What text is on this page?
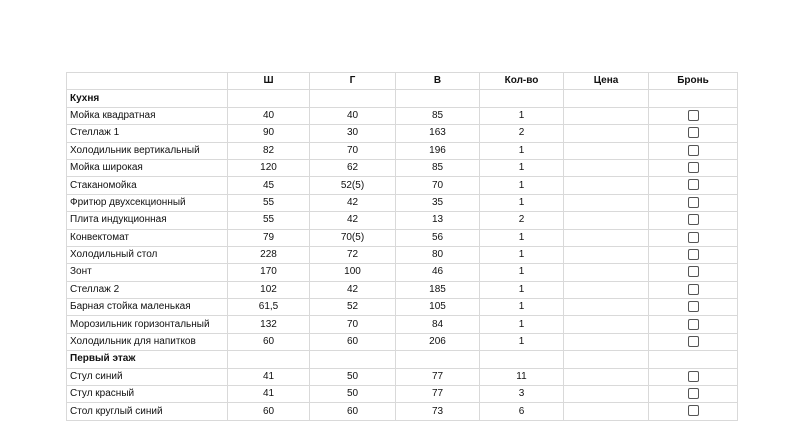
	Ш	Г	В	Кол-во	Цена	Бронь
Кухня						
Мойка квадратная	40	40	85	1		
Стеллаж 1	90	30	163	2		
Холодильник вертикальный	82	70	196	1		
Мойка широкая	120	62	85	1		
Стаканомойка	45	52(5)	70	1		
Фритюр двухсекционный	55	42	35	1		
Плита индукционная	55	42	13	2		
Конвектомат	79	70(5)	56	1		
Холодильный стол	228	72	80	1		
Зонт	170	100	46	1		
Стеллаж 2	102	42	185	1		
Барная стойка маленькая	61,5	52	105	1		
Морозильник горизонтальный	132	70	84	1		
Холодильник для напитков	60	60	206	1		
Первый этаж						
Стул синий	41	50	77	11		
Стул красный	41	50	77	3		
Стол круглый синий	60	60	73	6		
